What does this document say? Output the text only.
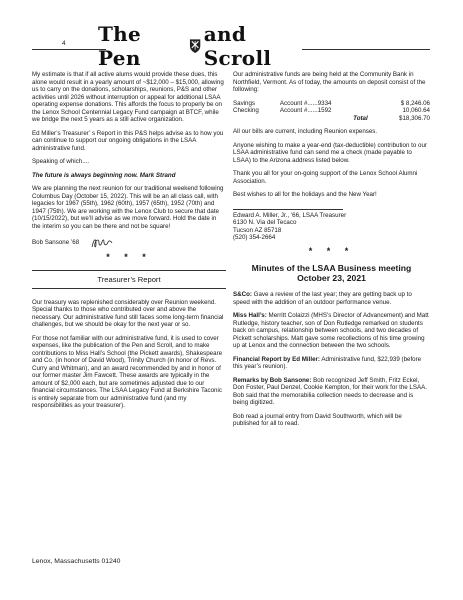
4 The Pen
and Scroll

My estimate is that if all active alums would provide these dues, this alone would result in a yearly amount of ~$12,000 – $15,000, allowing us to carry on the donations, scholarships, reunions, P&S and other activities until 2026 without interruption or appeal for additional LSAA operating expense donations. This affords the focus to properly be on the Lenox School Centennial Legacy Fund campaign at BTCF, while we bridge the next 5 years as a still active organization.

Ed Miller’s Treasurer’ s Report in this P&S helps advise as to how you can continue to support our ongoing obligations in the LSAA administrative fund.

Speaking of which....

The future is always beginning now. Mark Strand

We are planning the next reunion for our traditional weekend following Columbus Day (October 15, 2022). This will be an all class call, with legacies for 1967 (55th), 1962 (60th), 1957 (65th), 1952 (70th) and 1947 (75th). We are working with the Lenox Club to secure that date (10/15/2022), but we’ll advise as we move forward. Hold the date in the interim so you can be there and not be square!

Bob Sansone ’68
* * *
Treasurer’s Report

Our treasury was replenished considerably over Reunion weekend. Special thanks to those who contributed over and above the necessary. Our administrative fund still faces some long-term financial challenges, but we should be okay for the next year or so.

For those not familiar with our administrative fund, it is used to cover expenses, like the publication of the Pen and Scroll, and to make contributions to Miss Hall’s School (the Pickett awards), Shakespeare and Co. (in honor of David Wood), Trinity Church (in honor of Revs. Curry and Whitman), and an award recommended by and in honor of our former master Jim Fawcett. These awards are typically in the amount of $2,000 each, but are sometimes adjusted due to our financial circumstances. The LSAA Legacy Fund at Berkshire Taconic is entirely separate from our administrative fund (and my responsibilities as your treasurer).

Our administrative funds are being held at the Community Bank in Northfield, Vermont. As of today, the amounts on deposit consist of the following:

Savings	Account #......9334	$ 8,246.06
Checking	Account #......1592	10,060.64
	Total	$18,306.70

All our bills are current, including Reunion expenses.

Anyone wishing to make a year-end (tax-deductible) contribution to our LSAA administrative fund can send me a check (made payable to LSAA) to the Arizona address listed below.

Thank you all for your on-going support of the Lenox School Alumni Association.

Best wishes to all for the holidays and the New Year!

Edward A. Miller, Jr., ’66, LSAA Treasurer
6130 N. Via del Tecaco
Tucson AZ 85718
(520) 354-2664
* * *
Minutes of the LSAA Business meeting
October 23, 2021

S&Co: Gave a review of the last year; they are getting back up to speed with the addition of an outdoor performance venue.

Miss Hall’s: Merritt Colaizzi (MHS’s Director of Advancement) and Matt Rutledge, history teacher, son of Don Rutledge remarked on students back on campus, relationship between schools, and two decades of Pickett scholarships. Matt gave some recollections of his time growing up at Lenox and the connection between the two schools.

Financial Report by Ed Miller: Administrative fund, $22,939 (before this year’s reunion).

Remarks by Bob Sansone: Bob recognized Jeff Smith, Fritz Eckel, Don Foster, Paul Denzel, Cookie Kempton, for their work for the LSAA. Bob said that the memorabilia collection needs to decrease and is being digitized.

Bob read a journal entry from David Southworth, which will be published for all to read.

Lenox, Massachusetts 01240
